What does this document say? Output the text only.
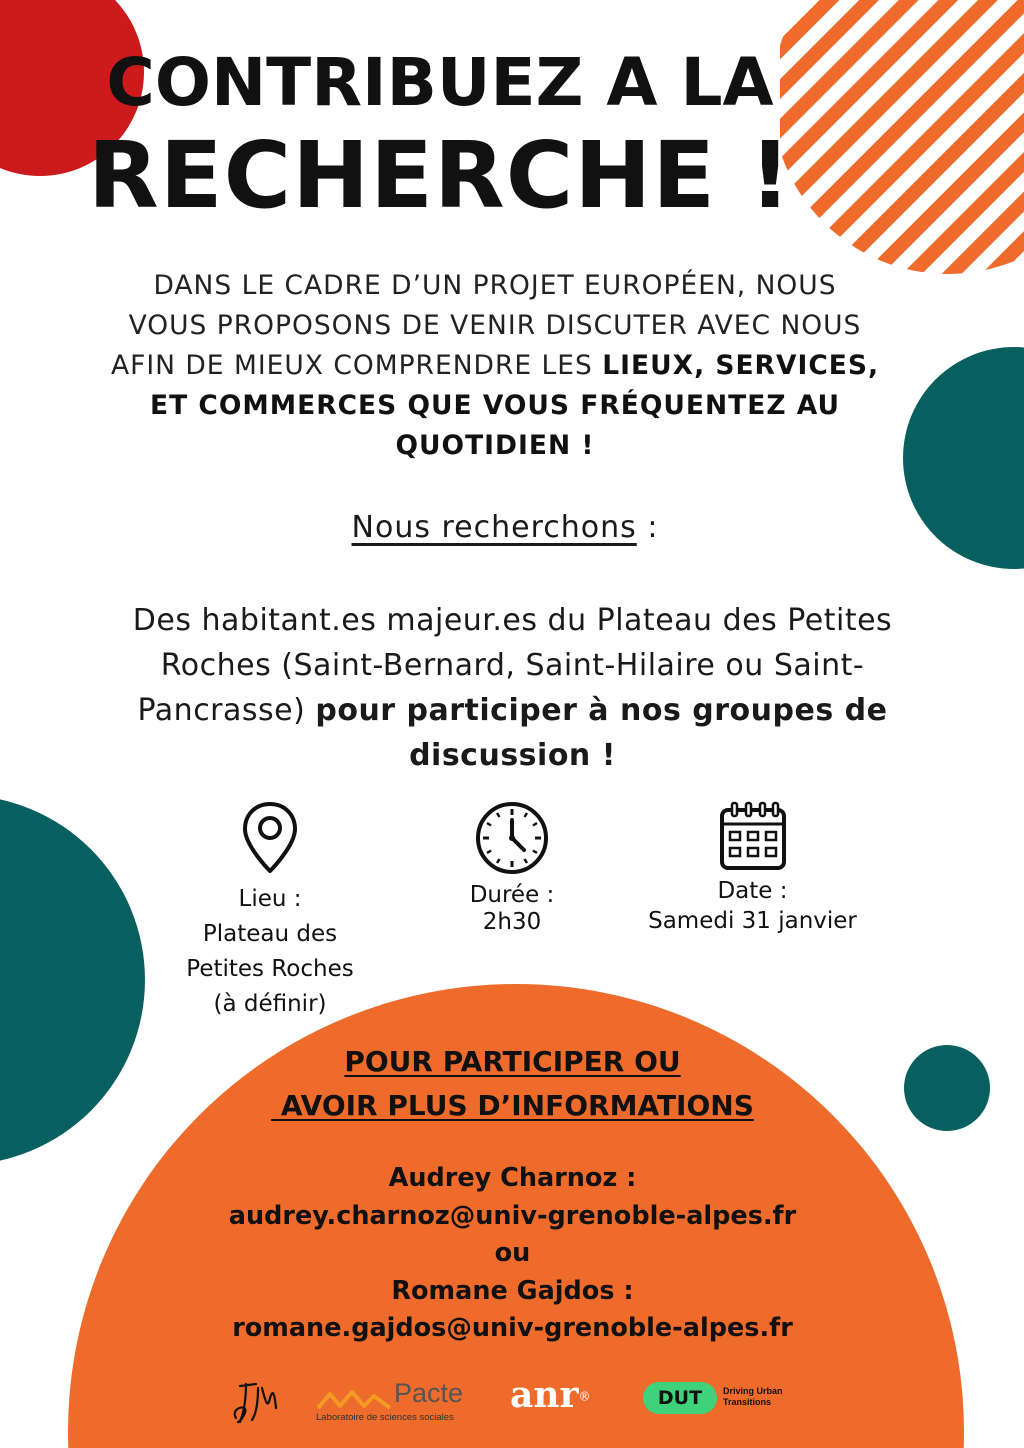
CONTRIBUEZ A LA
RECHERCHE !
DANS LE CADRE D’UN PROJET EUROPÉEN, NOUS
VOUS PROPOSONS DE VENIR DISCUTER AVEC NOUS
AFIN DE MIEUX COMPRENDRE LES LIEUX, SERVICES,
ET COMMERCES QUE VOUS FRÉQUENTEZ AU
QUOTIDIEN !
Nous recherchons :
Des habitant.es majeur.es du Plateau des Petites
Roches (Saint-Bernard, Saint-Hilaire ou Saint-
Pancrasse) pour participer à nos groupes de
discussion !
Lieu :
Plateau des
Petites Roches
(à définir)
Durée :
2h30
Date :
Samedi 31 janvier
POUR PARTICIPER OU
AVOIR PLUS D’INFORMATIONS
Audrey Charnoz :
audrey.charnoz@univ-grenoble-alpes.fr
ou
Romane Gajdos :
romane.gajdos@univ-grenoble-alpes.fr
Pacte
Laboratoire de sciences sociales
anr®	DUT	Driving Urban
Transitions
